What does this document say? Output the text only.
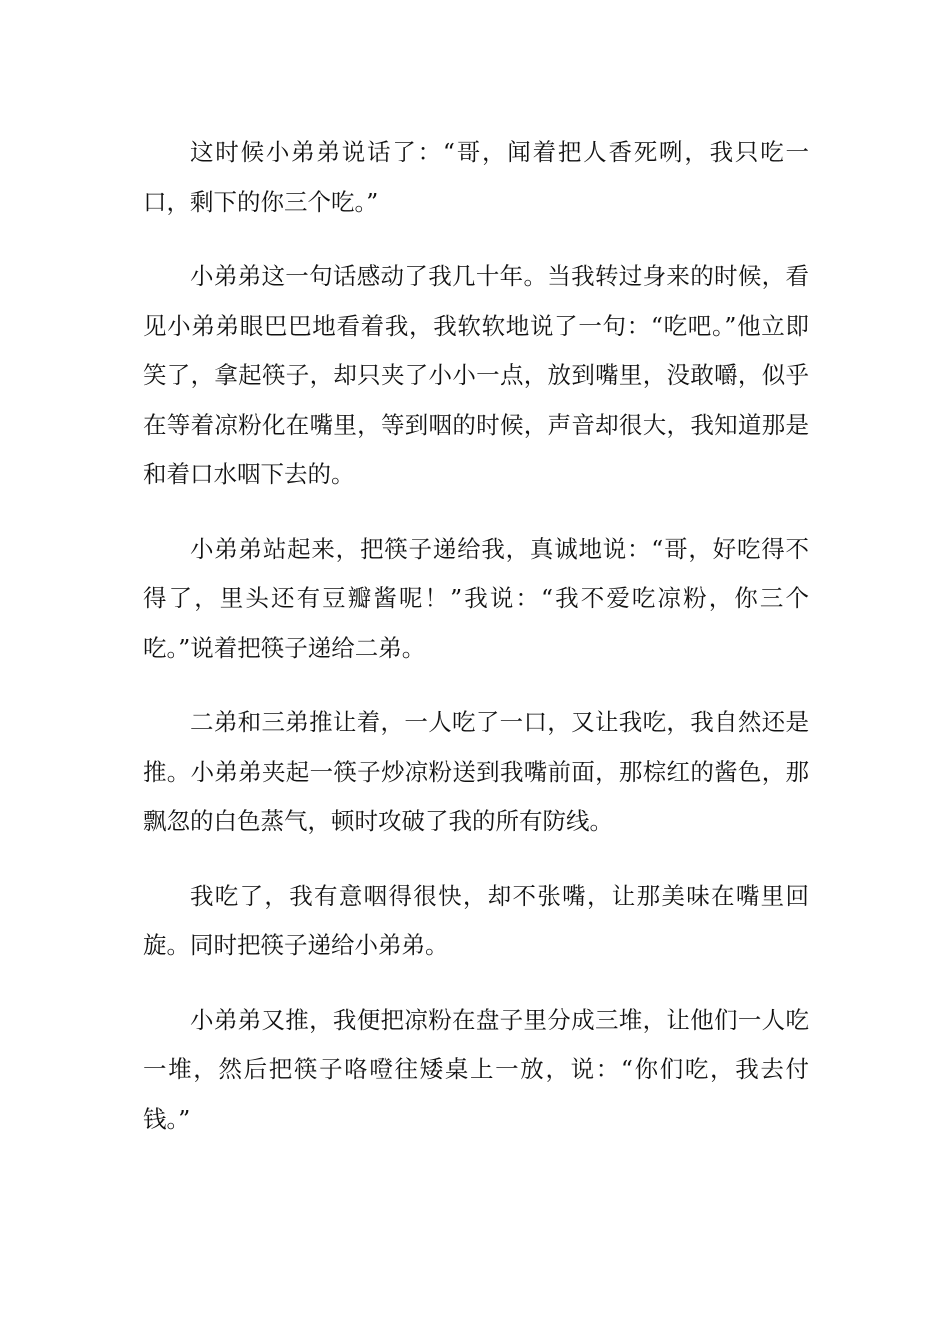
这时候小弟弟说话了：“哥，闻着把人香死咧，我只吃一口，剩下的你三个吃。”

小弟弟这一句话感动了我几十年。当我转过身来的时候，看见小弟弟眼巴巴地看着我，我软软地说了一句：“吃吧。”他立即笑了，拿起筷子，却只夹了小小一点，放到嘴里，没敢嚼，似乎在等着凉粉化在嘴里，等到咽的时候，声音却很大，我知道那是和着口水咽下去的。

小弟弟站起来，把筷子递给我，真诚地说：“哥，好吃得不得了，里头还有豆瓣酱呢！”我说：“我不爱吃凉粉，你三个吃。”说着把筷子递给二弟。

二弟和三弟推让着，一人吃了一口，又让我吃，我自然还是推。小弟弟夹起一筷子炒凉粉送到我嘴前面，那棕红的酱色，那飘忽的白色蒸气，顿时攻破了我的所有防线。

我吃了，我有意咽得很快，却不张嘴，让那美味在嘴里回旋。同时把筷子递给小弟弟。

小弟弟又推，我便把凉粉在盘子里分成三堆，让他们一人吃一堆，然后把筷子咯噔往矮桌上一放，说：“你们吃，我去付钱。”
